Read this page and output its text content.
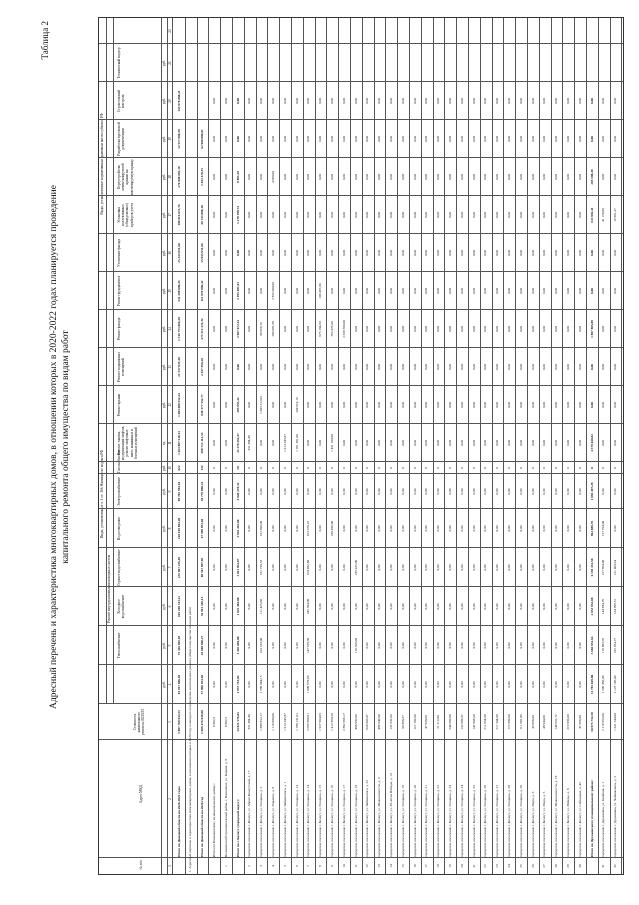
Таблица 2
Адресный перечень и характеристика многоквартирных домов, в отношении которых в 2020-2022 годах планируется проведение капитального ремонта общего имущества по видам работ
№ п/п
Адрес МКД
Стоимость капитального ремонта, ВСЕГО
Виды, установленные ч. 1 ст. 166 Жилищного кодекса РФ
Ремонт внутридомовых инженерных систем
Виды, установленные нормативным правовым актом субъекта РФ
Теплоснабжение
Холодное водоснабжение
Горячее водоснабжение
Водоотведение
Электроснабжение
Газоснабжение
Ремонт, замена, модернизация лифтов, ремонт лифтовых шахт, машинных и блочных помещений
Ремонт крыши
Ремонт подвальных помещений
Ремонт фасада
Ремонт фундамента
Утепление фасада
Установка коллективных (общедомовых) приборов учета
Переустройство невентилируемой крыши на вентилируемую крышу
Разработка проектной документации
Строительный контроль
Технический надзор
руб.
руб.
руб.
руб.
руб.
руб.
руб.
ед.
руб.
руб.
руб.
руб.
руб.
руб.
руб.
руб.
руб.
руб.
1
2
3
4
5
6
7
8
9
10
11
12
13
14
15
16
17
18
19
20
21
22
Итого по Донецкой области на 2020-2022 годы
5 807 768 944,55
81 917 806,85
72 346 895,83
105 269 513,11
235 867 256,05
218 169 864,48
99 705 594,63
622
1 464 887 540,13
1 684 080 552,24
21 537 035,48
1 316 753 866,29
541 288 090,45
25 443 851,60
190 816 615,76
276 988 881,19
12 517 808,59
143 978 888,21
1. Адресный перечень и характеристика многоквартирных домов, в отношении которых в 2020 году планируется проведение капитального ремонта общего имущества по видам работ Итого по Донецкой области на 2020 год
1 966 676 049,00
57 896 934,02
44 688 960,27
36 591 346,13
80 567 997,85
67 599 953,04
39 779 060,41
132
289 713 112,53
649 377 552,77
2 657 956,20
473 512 374,32
112 979 096,42
15 945 931,66
46 743 808,18
1 843 478,35
62 998 000,81
Итого по Волновахскому муниципальному району:
8 882,5
0,00
0,00
0,00
0,00
0,00
0,00
0
0,00
0,00
0,00
0,00
0,00
0,00
0,00
0,00
0,00
0,00
1
Волновахский муниципальный район, г. Волноваха, ул. Кирова, д. 8
8 882,5
0,00
0,00
0,00
0,00
0,00
0,00
0
0,00
0,00
0,00
0,00
0,00
0,00
0,00
0,00
0,00
0,00
Итого по г. Бахмут (городской округ):
34 821 576,84
1 957 743,84
1 465 096,00
1 823 484,00
3 011 854,07
2 961 462,00
4 820 478,32
18
21 578 264,47
295 955,42
0,00
2 067 672,24
3 195 481,65
0,00
1 278 198,74
9 891,29
0,00
0,00
2
городское поселение г. Бахмут, ул. Абрам Бахмутский, д. 17
331 384,40
0,00
0,00
0,00
0,00
0,00
0,00
0
331 384,40
0,00
0,00
0,00
0,00
0,00
0,00
0,00
0,00
0,00
3
городское поселение г. Бахмут, ул. Гагарина, д. 2
1 888 952,17
1 289 844,15
223 103,00
111 425,00
101 750,53
162 990,00
0,00
0
0,00
1 683 312,05
0,00
88 059,16
0,00
0,00
0,00
0,00
0,00
0,00
4
городское поселение г. Бахмут, ул. Горького, д. 8
1 116 000,00
0,00
0,00
0,00
0,00
0,00
0,00
0
0,00
0,00
0,00
280 095,30
2 855 000,00
0,00
0,00
4 090,00
0,00
0,00
5
городское поселение г. Бахмут, ул. Чайковского, д. 1
1 913 345,87
0,00
0,00
0,00
0,00
0,00
0,00
0
1 913 345,87
0,00
0,00
0,00
0,00
0,00
0,00
0,00
0,00
0,00
6
городское поселение г. Бахмут, ул. Гагарина, д. 13
1 788 131,01
0,00
0,00
0,00
0,00
0,00
0,00
0
1 761 301,00
204 919,19
0,00
0,00
0,00
0,00
0,00
0,00
0,00
0,00
7
городское поселение г. Бахмут, ул. Гагарина, д. 14
2 059 996,61
1 909 979,66
147 678,30
245 364,00
164 492,88
613 379,25
0,00
0
0,00
0,00
0,00
0,00
0,00
0,00
0,00
0,00
0,00
0,00
8
городское поселение г. Бахмут, ул. Гагарина, д. 15
1 927 904,05
0,00
0,00
0,00
0,00
0,00
0,00
0
0,00
0,00
0,00
675 184,60
106 497,00
0,00
0,00
0,00
0,00
0,00
9
городское поселение г. Бахмут, ул. Гагарина, д. 16
1 412 998,20
0,00
0,00
0,00
0,00
250 456,00
0,00
0
1 451 100,00
0,00
0,00
763 376,00
0,00
0,00
0,00
0,00
0,00
0,00
10
городское поселение г. Бахмут, ул. Гагарина, д. 17
2 882 996,17
0,00
0,00
0,00
0,00
0,00
0,00
0
0,00
0,00
0,00
2 339 596,00
0,00
0,00
0,00
0,00
0,00
0,00
11
городское поселение г. Бахмут, ул. Гагарина, д. 18
408 950,00
0,00
116 359,00
0,00
239 425,00
0,00
0,00
0
0,00
0,00
0,00
0,00
0,00
0,00
0,00
0,00
0,00
0,00
12
городское поселение г. Бахмут, ул. Чайковского, д. 22
624 963,07
0,00
0,00
0,00
0,00
0,00
0,00
0
0,00
0,00
0,00
0,00
0,00
0,00
0,00
0,00
0,00
0,00
13
городское поселение г. Бахмут, ул. Независимости, д. 3
489 946,00
0,00
0,00
0,00
0,00
0,00
0,00
0
0,00
0,00
0,00
0,00
0,00
0,00
0,00
0,00
0,00
0,00
14
городское поселение г. Бахмут, ул. 30-летия Победы, д. 13
132 932,00
0,00
0,00
0,00
0,00
0,00
0,00
0
0,00
0,00
0,00
0,00
0,00
0,00
0,00
0,00
0,00
0,00
15
городское поселение г. Бахмут, ул. Гагарина, д. 19
84 888,37
0,00
0,00
0,00
0,00
0,00
0,00
0
0,00
0,00
0,00
0,00
0,00
0,00
0,00
0,00
0,00
0,00
16
городское поселение г. Бахмут, ул. Гагарина, д. 20
112 196,00
0,00
0,00
0,00
0,00
0,00
0,00
0
0,00
0,00
0,00
0,00
0,00
0,00
0,00
0,00
0,00
0,00
17
городское поселение г. Бахмут, ул. Гагарина, д. 21
47 938,00
0,00
0,00
0,00
0,00
0,00
0,00
0
0,00
0,00
0,00
0,00
0,00
0,00
0,00
0,00
0,00
0,00
18
городское поселение г. Бахмут, ул. Гагарина, д. 22
21 212,00
0,00
0,00
0,00
0,00
0,00
0,00
0
0,00
0,00
0,00
0,00
0,00
0,00
0,00
0,00
0,00
0,00
19
городское поселение г. Бахмут, ул. Гагарина, д. 23
244 966,00
0,00
0,00
0,00
0,00
0,00
0,00
0
0,00
0,00
0,00
0,00
0,00
0,00
0,00
0,00
0,00
0,00
20
городское поселение г. Бахмут, ул. Гагарина, д. 24
132 996,37
0,00
0,00
0,00
0,00
0,00
0,00
0
0,00
0,00
0,00
0,00
0,00
0,00
0,00
0,00
0,00
0,00
21
городское поселение г. Бахмут, ул. Гагарина, д. 25
142 968,00
0,00
0,00
0,00
0,00
0,00
0,00
0
0,00
0,00
0,00
0,00
0,00
0,00
0,00
0,00
0,00
0,00
22
городское поселение г. Бахмут, ул. Гагарина, д. 26
211 954,00
0,00
0,00
0,00
0,00
0,00
0,00
0
0,00
0,00
0,00
0,00
0,00
0,00
0,00
0,00
0,00
0,00
23
городское поселение г. Бахмут, ул. Гагарина, д. 27
211 544,00
0,00
0,00
0,00
0,00
0,00
0,00
0
0,00
0,00
0,00
0,00
0,00
0,00
0,00
0,00
0,00
0,00
24
городское поселение г. Бахмут, ул. Гагарина, д. 28
172 996,00
0,00
0,00
0,00
0,00
0,00
0,00
0
0,00
0,00
0,00
0,00
0,00
0,00
0,00
0,00
0,00
0,00
25
городское поселение г. Бахмут, ул. Гагарина, д. 29
111 962,00
0,00
0,00
0,00
0,00
0,00
0,00
0
0,00
0,00
0,00
0,00
0,00
0,00
0,00
0,00
0,00
0,00
26
городское поселение г. Бахмут, ул. Мира, д. 3
43 996,00
0,00
0,00
0,00
0,00
0,00
0,00
0
0,00
0,00
0,00
0,00
0,00
0,00
0,00
0,00
0,00
0,00
27
городское поселение г. Бахмут, ул. Мира, д. 5
48 944,00
0,00
0,00
0,00
0,00
0,00
0,00
0
0,00
0,00
0,00
0,00
0,00
0,00
0,00
0,00
0,00
0,00
28
городское поселение г. Бахмут, ул. Независимости, д. 18
144 952,72
0,00
0,00
0,00
0,00
0,00
0,00
0
0,00
0,00
0,00
0,00
0,00
0,00
0,00
0,00
0,00
0,00
29
городское поселение г. Бахмут, ул. Победы, д. 8
219 996,00
0,00
0,00
0,00
0,00
0,00
0,00
0
0,00
0,00
0,00
0,00
0,00
0,00
0,00
0,00
0,00
0,00
30
городское поселение г. Бахмут, ул. Сибирцева, д. 45
47 396,00
0,00
0,00
0,00
0,00
0,00
0,00
0
0,00
0,00
0,00
0,00
0,00
0,00
0,00
0,00
0,00
0,00
Итого по Дружковскому муниципальному району:
50 975 754,58
31 785 029,80
3 684 932,64
2 053 932,08
6 193 332,50
962 889,76
1 894 497,28
0
4 579 640,82
0,00
0,00
1 897 805,89
0,00
0,00
633 992,41
285 598,49
0,00
0,00
31
городское поселение г. Дружковка, ул. Крайняя, д. 1
2 116 993,00
1 590 456,00
118 883,76
144 984,76
217 964,00
157 794,00
0,00
0
0,00
0,00
0,00
0,00
0,00
0,00
41 156,00
0,00
0,00
0,00
32
городское поселение г. Дружковка, ул. Чайковского, д. 3
1 621 544,00
2 125 196,00
182 854,77
134 999,51
211 468,24
0,00
0,00
0
0,00
0,00
0,00
0,00
0,00
0,00
19 961,37
0,00
0,00
0,00
